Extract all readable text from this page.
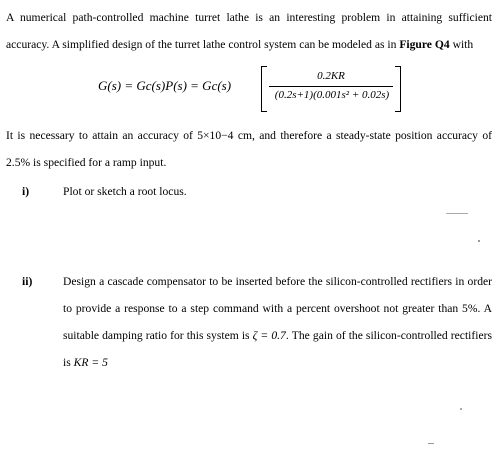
A numerical path-controlled machine turret lathe is an interesting problem in attaining sufficient accuracy. A simplified design of the turret lathe control system can be modeled as in Figure Q4 with
G(s) = Gc(s)P(s) = Gc(s)
0.2KR
(0.2s+1)(0.001s² + 0.02s)
It is necessary to attain an accuracy of 5×10−4 cm, and therefore a steady-state position accuracy of 2.5% is specified for a ramp input.
i)	Plot or sketch a root locus.
ii)	Design a cascade compensator to be inserted before the silicon-controlled rectifiers in order to provide a response to a step command with a percent overshoot not greater than 5%. A suitable damping ratio for this system is ζ = 0.7. The gain of the silicon-controlled rectifiers is KR = 5
